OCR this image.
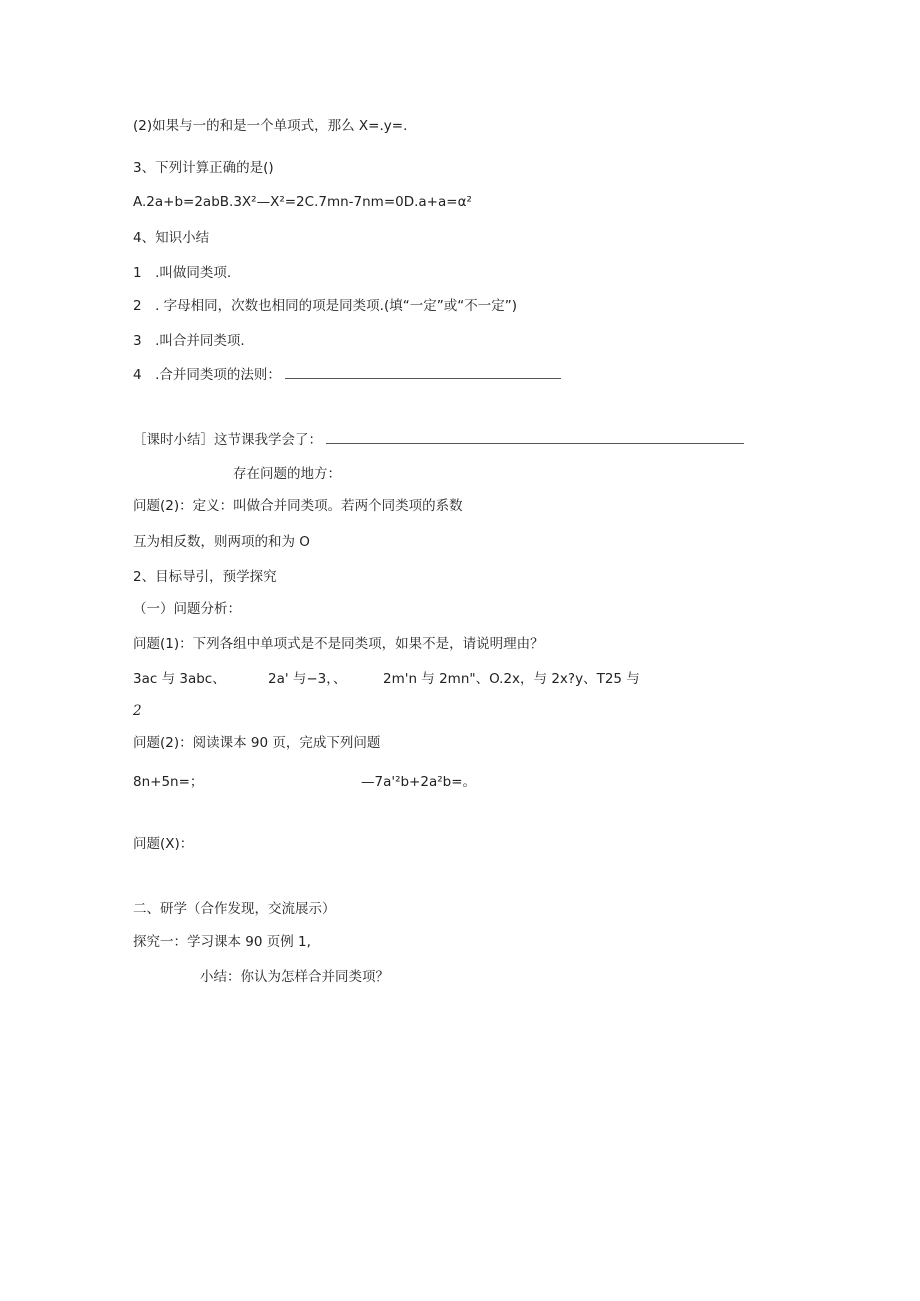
(2)如果与一的和是一个单项式，那么 X=.y=.
3、下列计算正确的是()
A.2a+b=2abB.3X²—X²=2C.7mn-7nm=0D.a+a=α²
4、知识小结
1　.叫做同类项.
2　. 字母相同，次数也相同的项是同类项.(填“一定”或“不一定”)
3　.叫合并同类项.
4　.合并同类项的法则：
［课时小结］这节课我学会了：
存在问题的地方：
问题(2)：定义：叫做合并同类项。若两个同类项的系数
互为相反数，则两项的和为 O
2、目标导引，预学探究
（一）问题分析：
问题(1)：下列各组中单项式是不是同类项，如果不是，请说明理由？
3ac 与 3abc、	2a' 与−3，、	2m'n 与 2mn"、O.2x，与 2x?y、T25 与
2
问题(2)：阅读课本 90 页，完成下列问题
8n+5n=；	—7a'²b+2a²b=。
问题(X)：
二、研学（合作发现，交流展示）
探究一：学习课本 90 页例 1,
小结：你认为怎样合并同类项？
